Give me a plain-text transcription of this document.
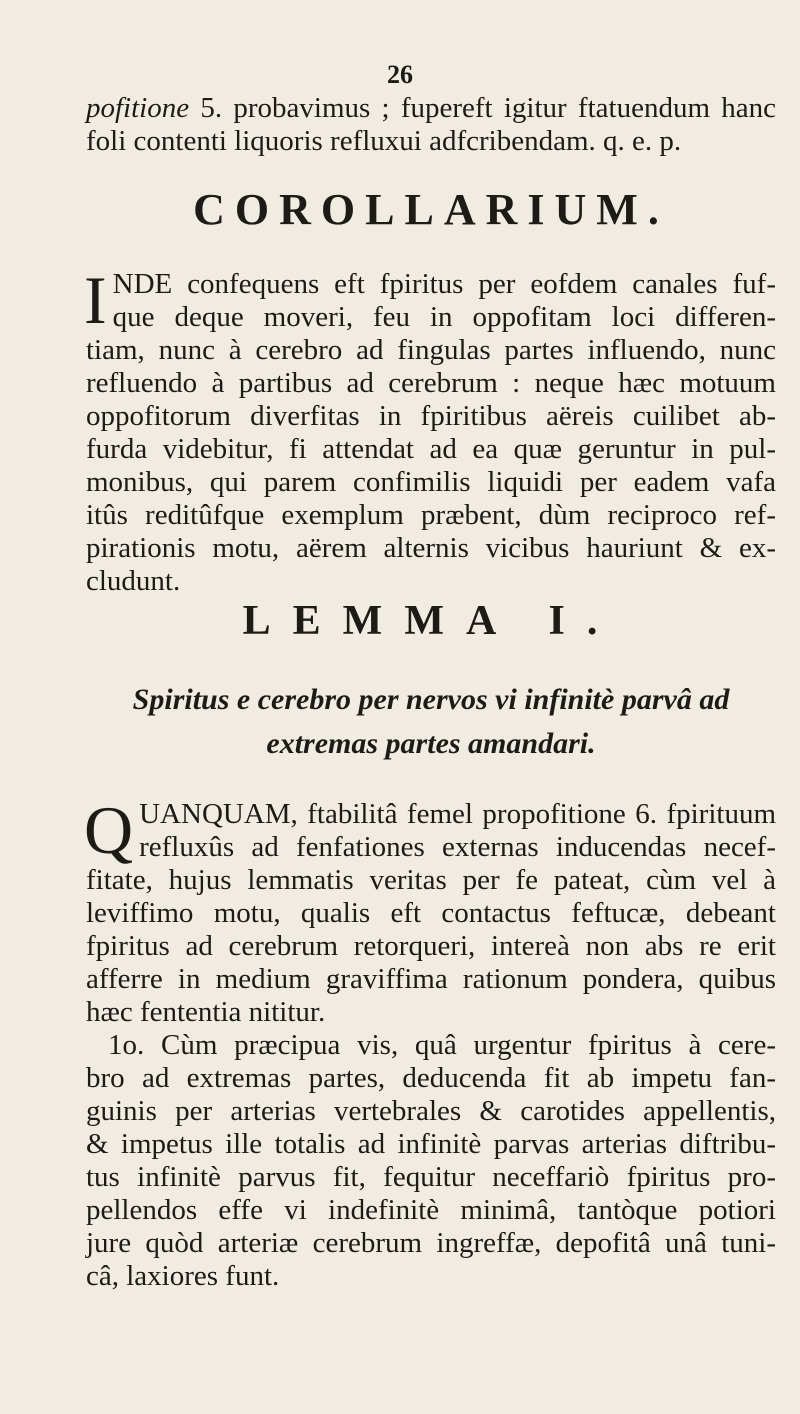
26
pofitione 5. probavimus ; fupereft igitur ftatuendum hanc
foli contenti liquoris refluxui adfcribendam. q. e. p.
COROLLARIUM.
I NDE confequens eft fpiritus per eofdem canales fuf-
que deque moveri, feu in oppofitam loci differen-
tiam, nunc à cerebro ad fingulas partes influendo, nunc
refluendo à partibus ad cerebrum : neque hæc motuum
oppofitorum diverfitas in fpiritibus aëreis cuilibet ab-
furda videbitur, fi attendat ad ea quæ geruntur in pul-
monibus, qui parem confimilis liquidi per eadem vafa
itûs reditûfque exemplum præbent, dùm reciproco ref-
pirationis motu, aërem alternis vicibus hauriunt & ex-
cludunt.
LEMMA I.
Spiritus e cerebro per nervos vi infinitè parvâ ad
extremas partes amandari.
Q UANQUAM, ftabilitâ femel propofitione 6. fpirituum
refluxûs ad fenfationes externas inducendas necef-
fitate, hujus lemmatis veritas per fe pateat, cùm vel à
leviffimo motu, qualis eft contactus feftucæ, debeant
fpiritus ad cerebrum retorqueri, intereà non abs re erit
afferre in medium graviffima rationum pondera, quibus
hæc fententia nititur.
1o. Cùm præcipua vis, quâ urgentur fpiritus à cere-
bro ad extremas partes, deducenda fit ab impetu fan-
guinis per arterias vertebrales & carotides appellentis,
& impetus ille totalis ad infinitè parvas arterias diftribu-
tus infinitè parvus fit, fequitur neceffariò fpiritus pro-
pellendos effe vi indefinitè minimâ, tantòque potiori
jure quòd arteriæ cerebrum ingreffæ, depofitâ unâ tuni-
câ, laxiores funt.
